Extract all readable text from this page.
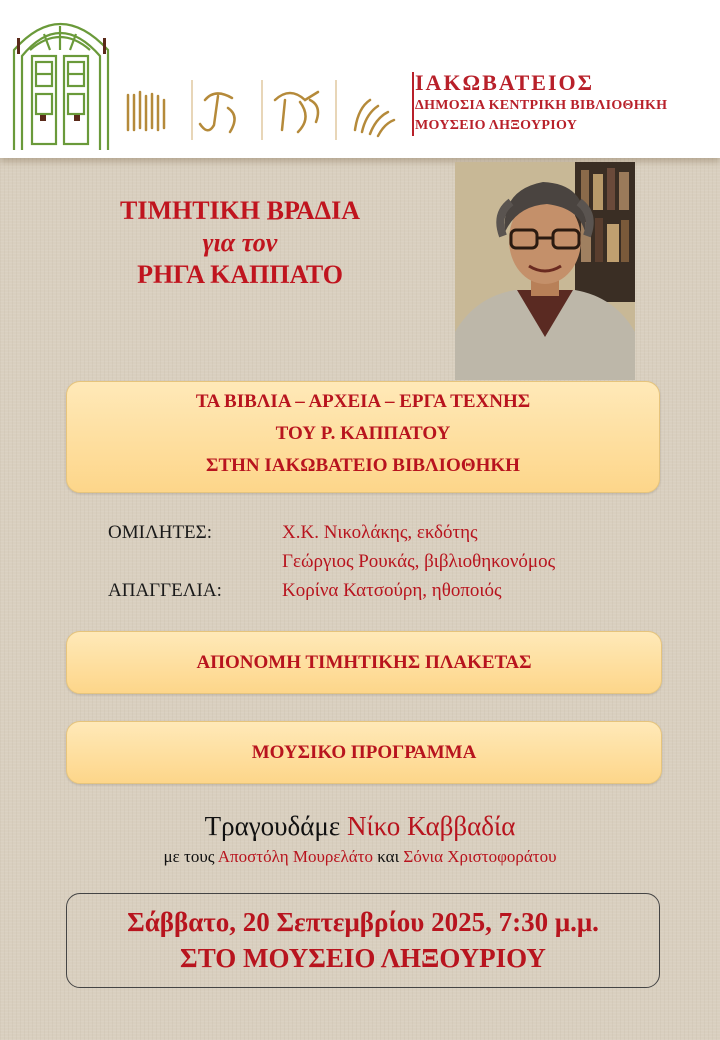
ΙΑΚΩΒΑΤΕΙΟΣ
ΔΗΜΟΣΙΑ ΚΕΝΤΡΙΚΗ ΒΙΒΛΙΟΘΗΚΗ
ΜΟΥΣΕΙΟ ΛΗΞΟΥΡΙΟΥ
ΤΙΜΗΤΙΚΗ ΒΡΑΔΙΑ
για τον
ΡΗΓΑ ΚΑΠΠΑΤΟ
ΤΑ ΒΙΒΛΙΑ – ΑΡΧΕΙΑ – ΕΡΓΑ ΤΕΧΝΗΣ
ΤΟΥ Ρ. ΚΑΠΠΑΤΟΥ
ΣΤΗΝ ΙΑΚΩΒΑΤΕΙΟ ΒΙΒΛΙΟΘΗΚΗ
ΟΜΙΛΗΤΕΣ:	Χ.Κ. Νικολάκης, εκδότης
Γεώργιος Ρουκάς, βιβλιοθηκονόμος
ΑΠΑΓΓΕΛΙΑ:	Κορίνα Κατσούρη, ηθοποιός
ΑΠΟΝΟΜΗ ΤΙΜΗΤΙΚΗΣ ΠΛΑΚΕΤΑΣ
ΜΟΥΣΙΚΟ ΠΡΟΓΡΑΜΜΑ
Τραγουδάμε Νίκο Καββαδία
με τους Αποστόλη Μουρελάτο και Σόνια Χριστοφοράτου
Σάββατο, 20 Σεπτεμβρίου 2025, 7:30 μ.μ.
ΣΤΟ ΜΟΥΣΕΙΟ ΛΗΞΟΥΡΙΟΥ
